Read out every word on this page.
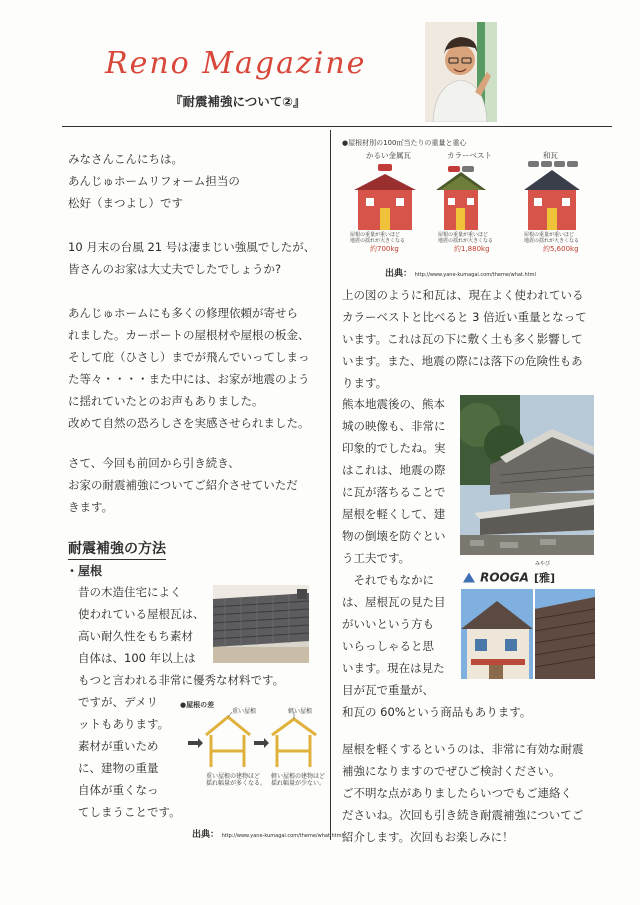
Reno Magazine
『耐震補強について②』
みなさんこんにちは。
あんじゅホームリフォーム担当の
松好（まつよし）です
10 月末の台風 21 号は凄まじい強風でしたが、
皆さんのお家は大丈夫でしたでしょうか?
あんじゅホームにも多くの修理依頼が寄せら
れました。カーポートの屋根材や屋根の板金、
そして庇（ひさし）までが飛んでいってしまっ
た等々・・・・また中には、お家が地震のよう
に揺れていたとのお声もありました。
改めて自然の恐ろしさを実感させられました。
さて、今回も前回から引き続き、
お家の耐震補強についてご紹介させていただ
きます。
耐震補強の方法
・屋根
昔の木造住宅によく
使われている屋根瓦は、
高い耐久性をもち素材
自体は、100 年以上は
もつと言われる非常に優秀な材料です。
ですが、デメリ
ットもあります。
素材が重いため
に、建物の重量
自体が重くなっ
てしまうことです。
●屋根の差
重い屋根	軽い屋根
重い屋根の建物ほど
揺れ幅量が多くなる。
軽い屋根の建物ほど
揺れ幅量が少ない。
出典： http://www.yane-kumagai.com/theme/what.html
●屋根材別の100㎡当たりの重量と重心
かるい金属瓦	カラーベスト	和瓦
屋根の重量が重いほど
地震の揺れが大きくなる
屋根の重量が重いほど
地震の揺れが大きくなる
屋根の重量が重いほど
地震の揺れが大きくなる
約700kg	約1,880kg	約5,600kg
出典： http://www.yane-kumagai.com/theme/what.html
上の図のように和瓦は、現在よく使われている
カラーベストと比べると 3 倍近い重量となって
います。これは瓦の下に敷く土も多く影響して
います。また、地震の際には落下の危険性もあ
ります。
熊本地震後の、熊本
城の映像も、非常に
印象的でしたね。実
はこれは、地震の際
に瓦が落ちることで
屋根を軽くして、建
物の倒壊を防ぐとい
う工夫です。
　それでもなかに
は、屋根瓦の見た目
がいいという方も
いらっしゃると思
います。現在は見た
目が瓦で重量が、
和瓦の 60%という商品もあります。
ROOGA [雅]
みやび
屋根を軽くするというのは、非常に有効な耐震
補強になりますのでぜひご検討ください。
ご不明な点がありましたらいつでもご連絡く
ださいね。次回も引き続き耐震補強についてご
紹介します。次回もお楽しみに！
